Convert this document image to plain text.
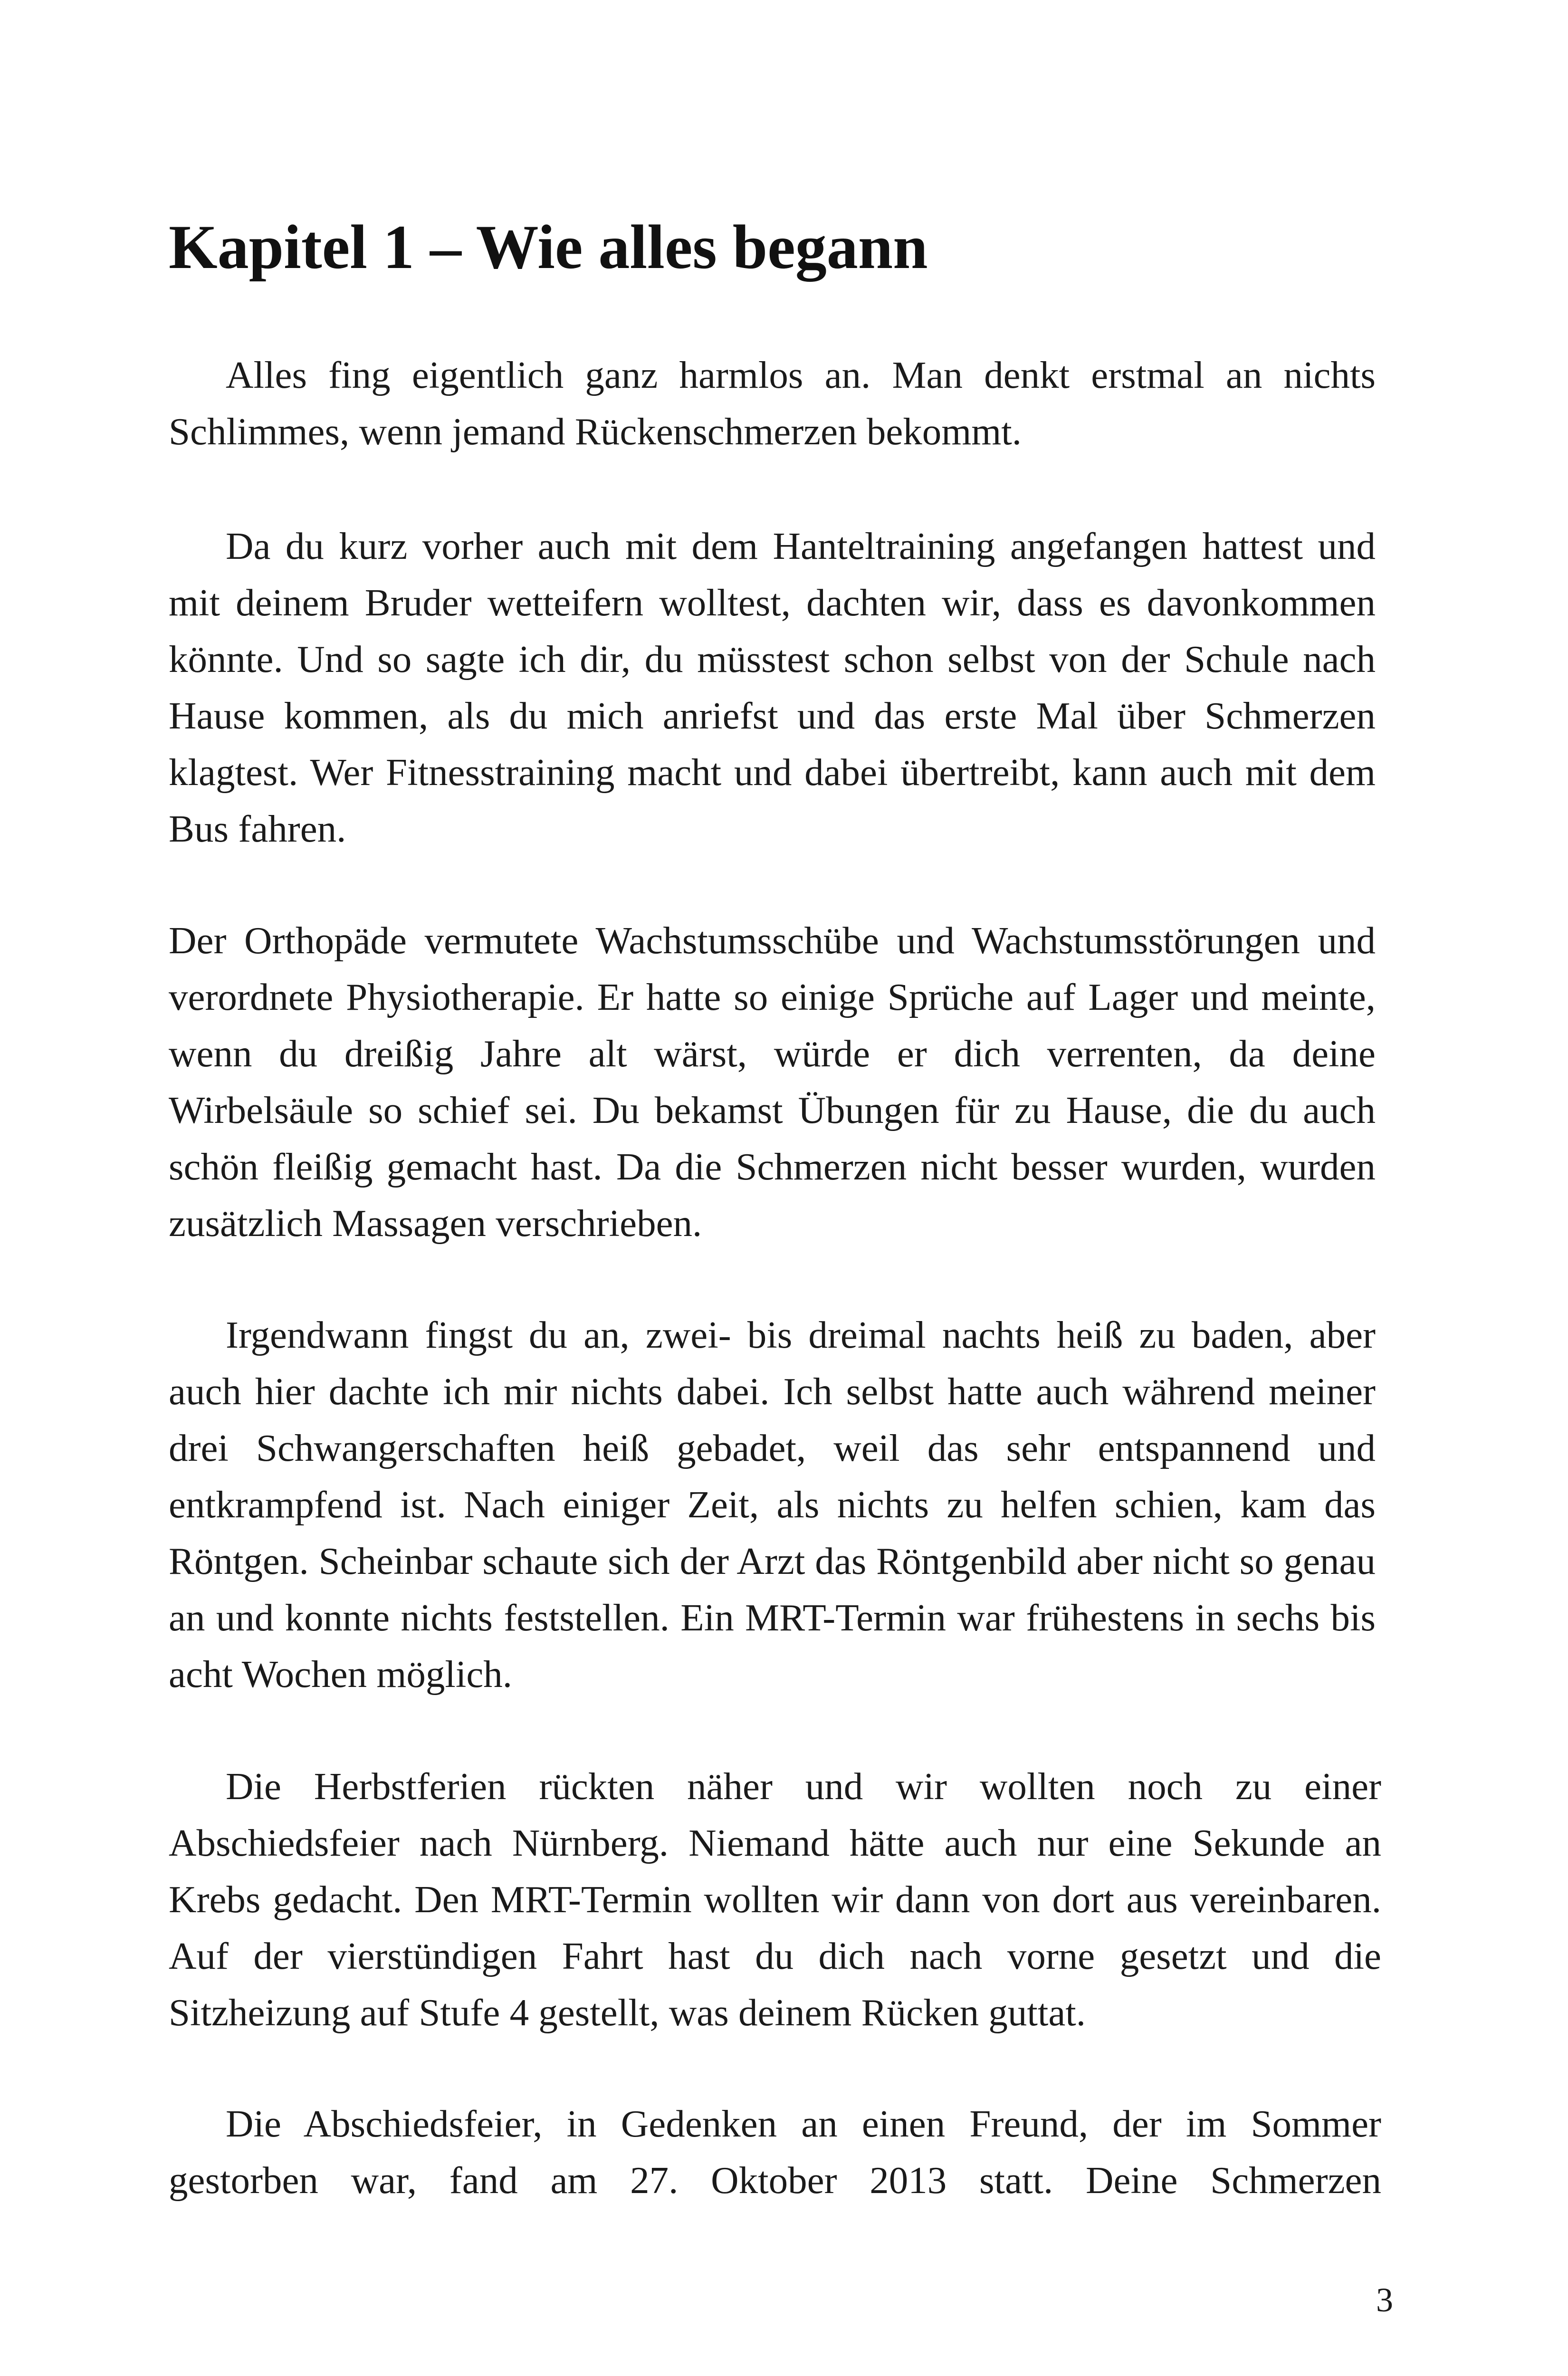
Kapitel 1 – Wie alles begann

Alles fing eigentlich ganz harmlos an. Man denkt erstmal an nichts Schlimmes, wenn jemand Rückenschmerzen bekommt.

Da du kurz vorher auch mit dem Hanteltraining angefangen hattest und mit deinem Bruder wetteifern wolltest, dachten wir, dass es davonkommen könnte. Und so sagte ich dir, du müsstest schon selbst von der Schule nach Hause kommen, als du mich anriefst und das erste Mal über Schmerzen klagtest. Wer Fitnesstraining macht und dabei übertreibt, kann auch mit dem Bus fahren.

Der Orthopäde vermutete Wachstumsschübe und Wachstumsstörungen und verordnete Physiotherapie. Er hatte so einige Sprüche auf Lager und meinte, wenn du dreißig Jahre alt wärst, würde er dich verrenten, da deine Wirbelsäule so schief sei. Du bekamst Übungen für zu Hause, die du auch schön fleißig gemacht hast. Da die Schmerzen nicht besser wurden, wurden zusätzlich Massagen verschrieben.

Irgendwann fingst du an, zwei- bis dreimal nachts heiß zu baden, aber auch hier dachte ich mir nichts dabei. Ich selbst hatte auch während meiner drei Schwangerschaften heiß gebadet, weil das sehr entspannend und entkrampfend ist. Nach einiger Zeit, als nichts zu helfen schien, kam das Röntgen. Scheinbar schaute sich der Arzt das Röntgenbild aber nicht so genau an und konnte nichts feststellen. Ein MRT-Termin war frühestens in sechs bis acht Wochen möglich.

Die Herbstferien rückten näher und wir wollten noch zu einer Abschiedsfeier nach Nürnberg. Niemand hätte auch nur eine Sekunde an Krebs gedacht. Den MRT-Termin wollten wir dann von dort aus vereinbaren. Auf der vierstündigen Fahrt hast du dich nach vorne gesetzt und die Sitzheizung auf Stufe 4 gestellt, was deinem Rücken guttat.

Die Abschiedsfeier, in Gedenken an einen Freund, der im Sommer gestorben war, fand am 27. Oktober 2013 statt. Deine Schmerzen

3
